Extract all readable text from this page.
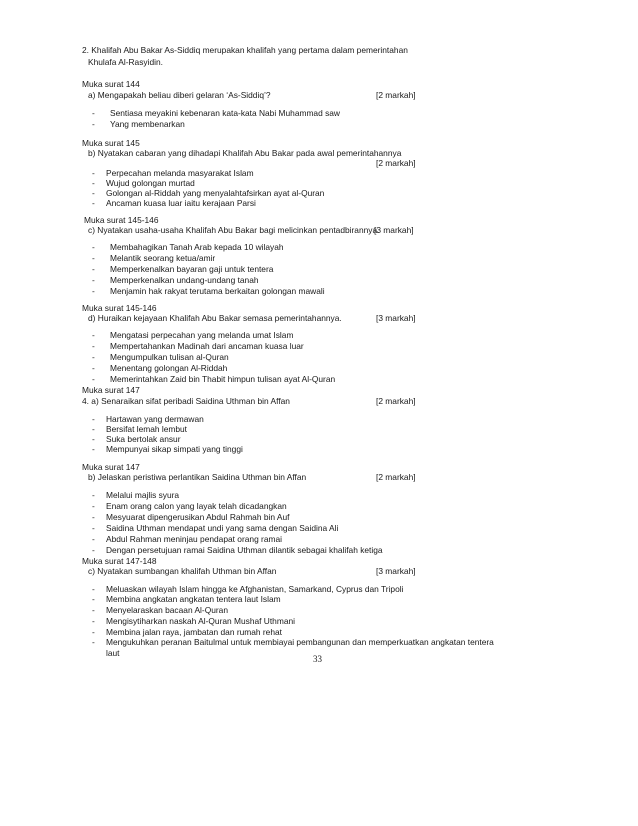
2. Khalifah Abu Bakar As-Siddiq merupakan khalifah yang pertama dalam pemerintahan
Khulafa Al-Rasyidin.
Muka surat 144
a) Mengapakah beliau diberi gelaran ‘As-Siddiq’?	[2 markah]
- Sentiasa meyakini kebenaran kata-kata Nabi Muhammad saw
- Yang membenarkan
Muka surat 145
b) Nyatakan cabaran yang dihadapi Khalifah Abu Bakar pada awal pemerintahannya
[2 markah]
- Perpecahan melanda masyarakat Islam
- Wujud golongan murtad
- Golongan al-Riddah yang menyalahtafsirkan ayat al-Quran
- Ancaman kuasa luar iaitu kerajaan Parsi
Muka surat 145-146
c) Nyatakan usaha-usaha Khalifah Abu Bakar bagi melicinkan pentadbirannya.
[3 markah]
- Membahagikan Tanah Arab kepada 10 wilayah
- Melantik seorang ketua/amir
- Memperkenalkan bayaran gaji untuk tentera
- Memperkenalkan undang-undang tanah
- Menjamin hak rakyat terutama berkaitan golongan mawali
Muka surat 145-146
d) Huraikan kejayaan Khalifah Abu Bakar semasa pemerintahannya.	[3 markah]
- Mengatasi perpecahan yang melanda umat Islam
- Mempertahankan Madinah dari ancaman kuasa luar
- Mengumpulkan tulisan al-Quran
- Menentang golongan Al-Riddah
- Memerintahkan Zaid bin Thabit himpun tulisan ayat Al-Quran
Muka surat 147
4. a) Senaraikan sifat peribadi Saidina Uthman bin Affan	[2 markah]
- Hartawan yang dermawan
- Bersifat lemah lembut
- Suka bertolak ansur
- Mempunyai sikap simpati yang tinggi
Muka surat 147
b) Jelaskan peristiwa perlantikan Saidina Uthman bin Affan	[2 markah]
- Melalui majlis syura
- Enam orang calon yang layak telah dicadangkan
- Mesyuarat dipengerusikan Abdul Rahmah bin Auf
- Saidina Uthman mendapat undi yang sama dengan Saidina Ali
- Abdul Rahman meninjau pendapat orang ramai
- Dengan persetujuan ramai Saidina Uthman dilantik sebagai khalifah ketiga
Muka surat 147-148
c) Nyatakan sumbangan khalifah Uthman bin Affan	[3 markah]
- Meluaskan wilayah Islam hingga ke Afghanistan, Samarkand, Cyprus dan Tripoli
- Membina angkatan angkatan tentera laut Islam
- Menyelaraskan bacaan Al-Quran
- Mengisytiharkan naskah Al-Quran Mushaf Uthmani
- Membina jalan raya, jambatan dan rumah rehat
- Mengukuhkan peranan Baitulmal untuk membiayai pembangunan dan memperkuatkan angkatan tentera
laut
33
